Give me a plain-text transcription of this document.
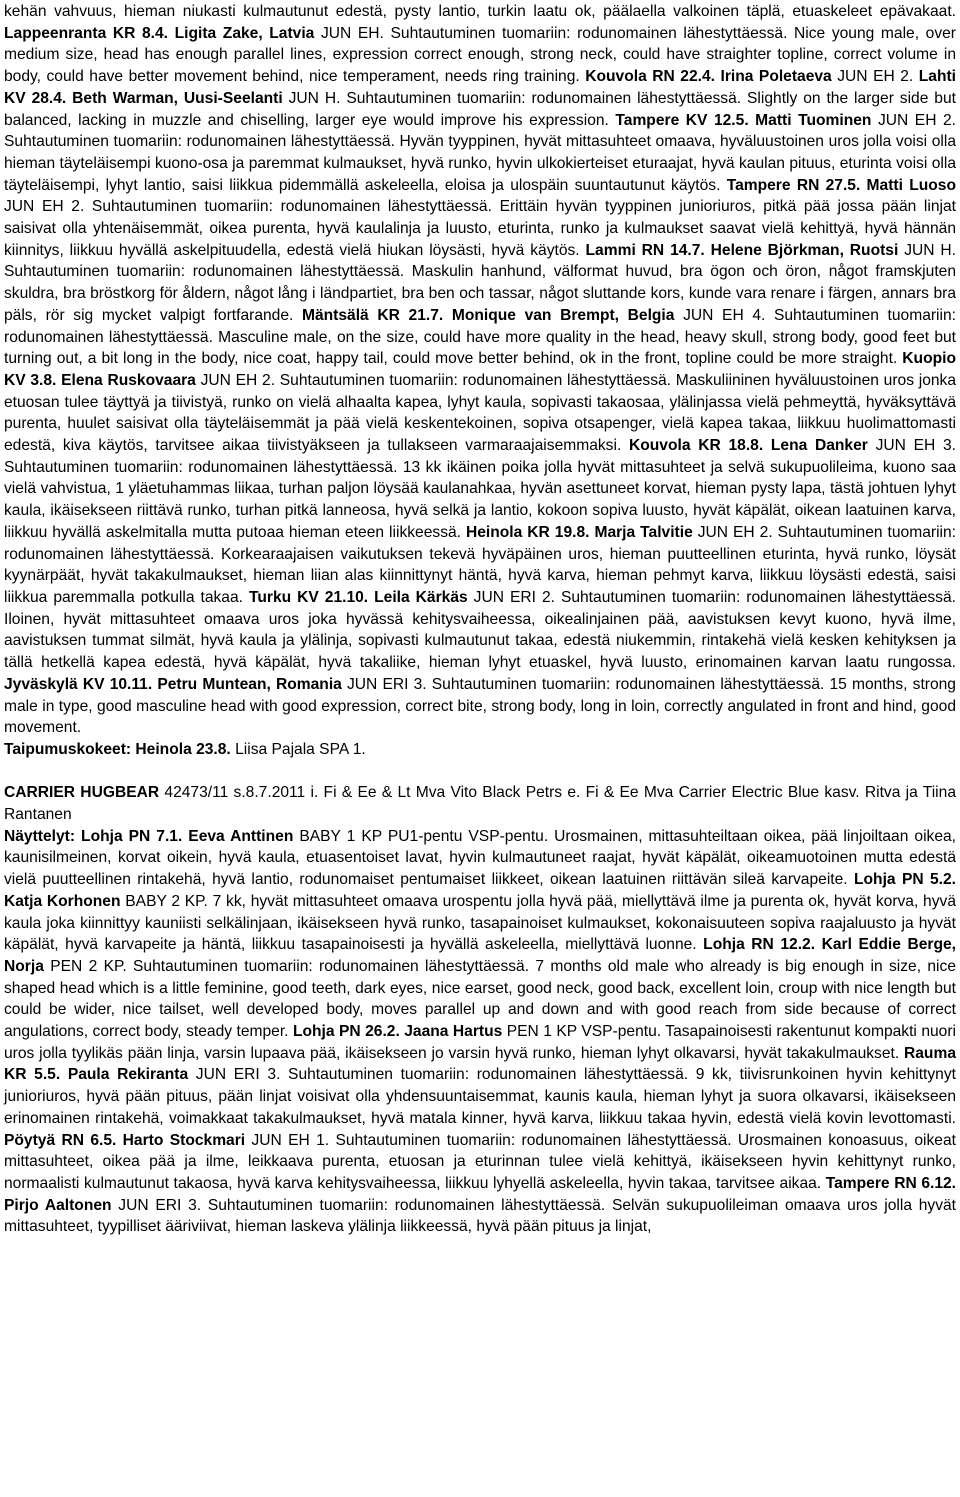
kehän vahvuus, hieman niukasti kulmautunut edestä, pysty lantio, turkin laatu ok, päälaella valkoinen täplä, etuaskeleet epävakaat. Lappeenranta KR 8.4. Ligita Zake, Latvia JUN EH. Suhtautuminen tuomariin: rodunomainen lähestyttäessä. Nice young male, over medium size, head has enough parallel lines, expression correct enough, strong neck, could have straighter topline, correct volume in body, could have better movement behind, nice temperament, needs ring training. Kouvola RN 22.4. Irina Poletaeva JUN EH 2. Lahti KV 28.4. Beth Warman, Uusi-Seelanti JUN H. Suhtautuminen tuomariin: rodunomainen lähestyttäessä. Slightly on the larger side but balanced, lacking in muzzle and chiselling, larger eye would improve his expression. Tampere KV 12.5. Matti Tuominen JUN EH 2. Suhtautuminen tuomariin: rodunomainen lähestyttäessä. Hyvän tyyppinen, hyvät mittasuhteet omaava, hyväluustoinen uros jolla voisi olla hieman täyteläisempi kuono-osa ja paremmat kulmaukset, hyvä runko, hyvin ulkokierteiset eturaajat, hyvä kaulan pituus, eturinta voisi olla täyteläisempi, lyhyt lantio, saisi liikkua pidemmällä askeleella, eloisa ja ulospäin suuntautunut käytös. Tampere RN 27.5. Matti Luoso JUN EH 2. Suhtautuminen tuomariin: rodunomainen lähestyttäessä. Erittäin hyvän tyyppinen junioriuros, pitkä pää jossa pään linjat saisivat olla yhtenäisemmät, oikea purenta, hyvä kaulalinja ja luusto, eturinta, runko ja kulmaukset saavat vielä kehittyä, hyvä hännän kiinnitys, liikkuu hyvällä askelpituudella, edestä vielä hiukan löysästi, hyvä käytös. Lammi RN 14.7. Helene Björkman, Ruotsi JUN H. Suhtautuminen tuomariin: rodunomainen lähestyttäessä. Maskulin hanhund, välformat huvud, bra ögon och öron, något framskjuten skuldra, bra bröstkorg för åldern, något lång i ländpartiet, bra ben och tassar, något sluttande kors, kunde vara renare i färgen, annars bra päls, rör sig mycket valpigt fortfarande. Mäntsälä KR 21.7. Monique van Brempt, Belgia JUN EH 4. Suhtautuminen tuomariin: rodunomainen lähestyttäessä. Masculine male, on the size, could have more quality in the head, heavy skull, strong body, good feet but turning out, a bit long in the body, nice coat, happy tail, could move better behind, ok in the front, topline could be more straight. Kuopio KV 3.8. Elena Ruskovaara JUN EH 2. Suhtautuminen tuomariin: rodunomainen lähestyttäessä. Maskuliininen hyväluustoinen uros jonka etuosan tulee täyttyä ja tiivistyä, runko on vielä alhaalta kapea, lyhyt kaula, sopivasti takaosaa, ylälinjassa vielä pehmeyttä, hyväksyttävä purenta, huulet saisivat olla täyteläisemmät ja pää vielä keskentekoinen, sopiva otsapenger, vielä kapea takaa, liikkuu huolimattomasti edestä, kiva käytös, tarvitsee aikaa tiivistyäkseen ja tullakseen varmaraajaisemmaksi. Kouvola KR 18.8. Lena Danker JUN EH 3. Suhtautuminen tuomariin: rodunomainen lähestyttäessä. 13 kk ikäinen poika jolla hyvät mittasuhteet ja selvä sukupuolileima, kuono saa vielä vahvistua, 1 yläetuhammas liikaa, turhan paljon löysää kaulanahkaa, hyvän asettuneet korvat, hieman pysty lapa, tästä johtuen lyhyt kaula, ikäisekseen riittävä runko, turhan pitkä lanneosa, hyvä selkä ja lantio, kokoon sopiva luusto, hyvät käpälät, oikean laatuinen karva, liikkuu hyvällä askelmitalla mutta putoaa hieman eteen liikkeessä. Heinola KR 19.8. Marja Talvitie JUN EH 2. Suhtautuminen tuomariin: rodunomainen lähestyttäessä. Korkearaajaisen vaikutuksen tekevä hyväpäinen uros, hieman puutteellinen eturinta, hyvä runko, löysät kyynärpäät, hyvät takakulmaukset, hieman liian alas kiinnittynyt häntä, hyvä karva, hieman pehmyt karva, liikkuu löysästi edestä, saisi liikkua paremmalla potkulla takaa. Turku KV 21.10. Leila Kärkäs JUN ERI 2. Suhtautuminen tuomariin: rodunomainen lähestyttäessä. Iloinen, hyvät mittasuhteet omaava uros joka hyvässä kehitysvaiheessa, oikealinjainen pää, aavistuksen kevyt kuono, hyvä ilme, aavistuksen tummat silmät, hyvä kaula ja ylälinja, sopivasti kulmautunut takaa, edestä niukemmin, rintakehä vielä kesken kehityksen ja tällä hetkellä kapea edestä, hyvä käpälät, hyvä takaliike, hieman lyhyt etuaskel, hyvä luusto, erinomainen karvan laatu rungossa. Jyväskylä KV 10.11. Petru Muntean, Romania JUN ERI 3. Suhtautuminen tuomariin: rodunomainen lähestyttäessä. 15 months, strong male in type, good masculine head with good expression, correct bite, strong body, long in loin, correctly angulated in front and hind, good movement.

Taipumuskokeet: Heinola 23.8. Liisa Pajala SPA 1.

CARRIER HUGBEAR 42473/11 s.8.7.2011 i. Fi & Ee & Lt Mva Vito Black Petrs e. Fi & Ee Mva Carrier Electric Blue kasv. Ritva ja Tiina Rantanen

Näyttelyt: Lohja PN 7.1. Eeva Anttinen BABY 1 KP PU1-pentu VSP-pentu. Urosmainen, mittasuhteiltaan oikea, pää linjoiltaan oikea, kaunisilmeinen, korvat oikein, hyvä kaula, etuasentoiset lavat, hyvin kulmautuneet raajat, hyvät käpälät, oikeamuotoinen mutta edestä vielä puutteellinen rintakehä, hyvä lantio, rodunomaiset pentumaiset liikkeet, oikean laatuinen riittävän sileä karvapeite. Lohja PN 5.2. Katja Korhonen BABY 2 KP. 7 kk, hyvät mittasuhteet omaava urospentu jolla hyvä pää, miellyttävä ilme ja purenta ok, hyvät korva, hyvä kaula joka kiinnittyy kauniisti selkälinjaan, ikäisekseen hyvä runko, tasapainoiset kulmaukset, kokonaisuuteen sopiva raajaluusto ja hyvät käpälät, hyvä karvapeite ja häntä, liikkuu tasapainoisesti ja hyvällä askeleella, miellyttävä luonne. Lohja RN 12.2. Karl Eddie Berge, Norja PEN 2 KP. Suhtautuminen tuomariin: rodunomainen lähestyttäessä. 7 months old male who already is big enough in size, nice shaped head which is a little feminine, good teeth, dark eyes, nice earset, good neck, good back, excellent loin, croup with nice length but could be wider, nice tailset, well developed body, moves parallel up and down and with good reach from side because of correct angulations, correct body, steady temper. Lohja PN 26.2. Jaana Hartus PEN 1 KP VSP-pentu. Tasapainoisesti rakentunut kompakti nuori uros jolla tyylikäs pään linja, varsin lupaava pää, ikäisekseen jo varsin hyvä runko, hieman lyhyt olkavarsi, hyvät takakulmaukset. Rauma KR 5.5. Paula Rekiranta JUN ERI 3. Suhtautuminen tuomariin: rodunomainen lähestyttäessä. 9 kk, tiivisrunkoinen hyvin kehittynyt junioriuros, hyvä pään pituus, pään linjat voisivat olla yhdensuuntaisemmat, kaunis kaula, hieman lyhyt ja suora olkavarsi, ikäisekseen erinomainen rintakehä, voimakkaat takakulmaukset, hyvä matala kinner, hyvä karva, liikkuu takaa hyvin, edestä vielä kovin levottomasti. Pöytyä RN 6.5. Harto Stockmari JUN EH 1. Suhtautuminen tuomariin: rodunomainen lähestyttäessä. Urosmainen konoasuus, oikeat mittasuhteet, oikea pää ja ilme, leikkaava purenta, etuosan ja eturinnan tulee vielä kehittyä, ikäisekseen hyvin kehittynyt runko, normaalisti kulmautunut takaosa, hyvä karva kehitysvaiheessa, liikkuu lyhyellä askeleella, hyvin takaa, tarvitsee aikaa. Tampere RN 6.12. Pirjo Aaltonen JUN ERI 3. Suhtautuminen tuomariin: rodunomainen lähestyttäessä. Selvän sukupuolileiman omaava uros jolla hyvät mittasuhteet, tyypilliset ääriviivat, hieman laskeva ylälinja liikkeessä, hyvä pään pituus ja linjat,
